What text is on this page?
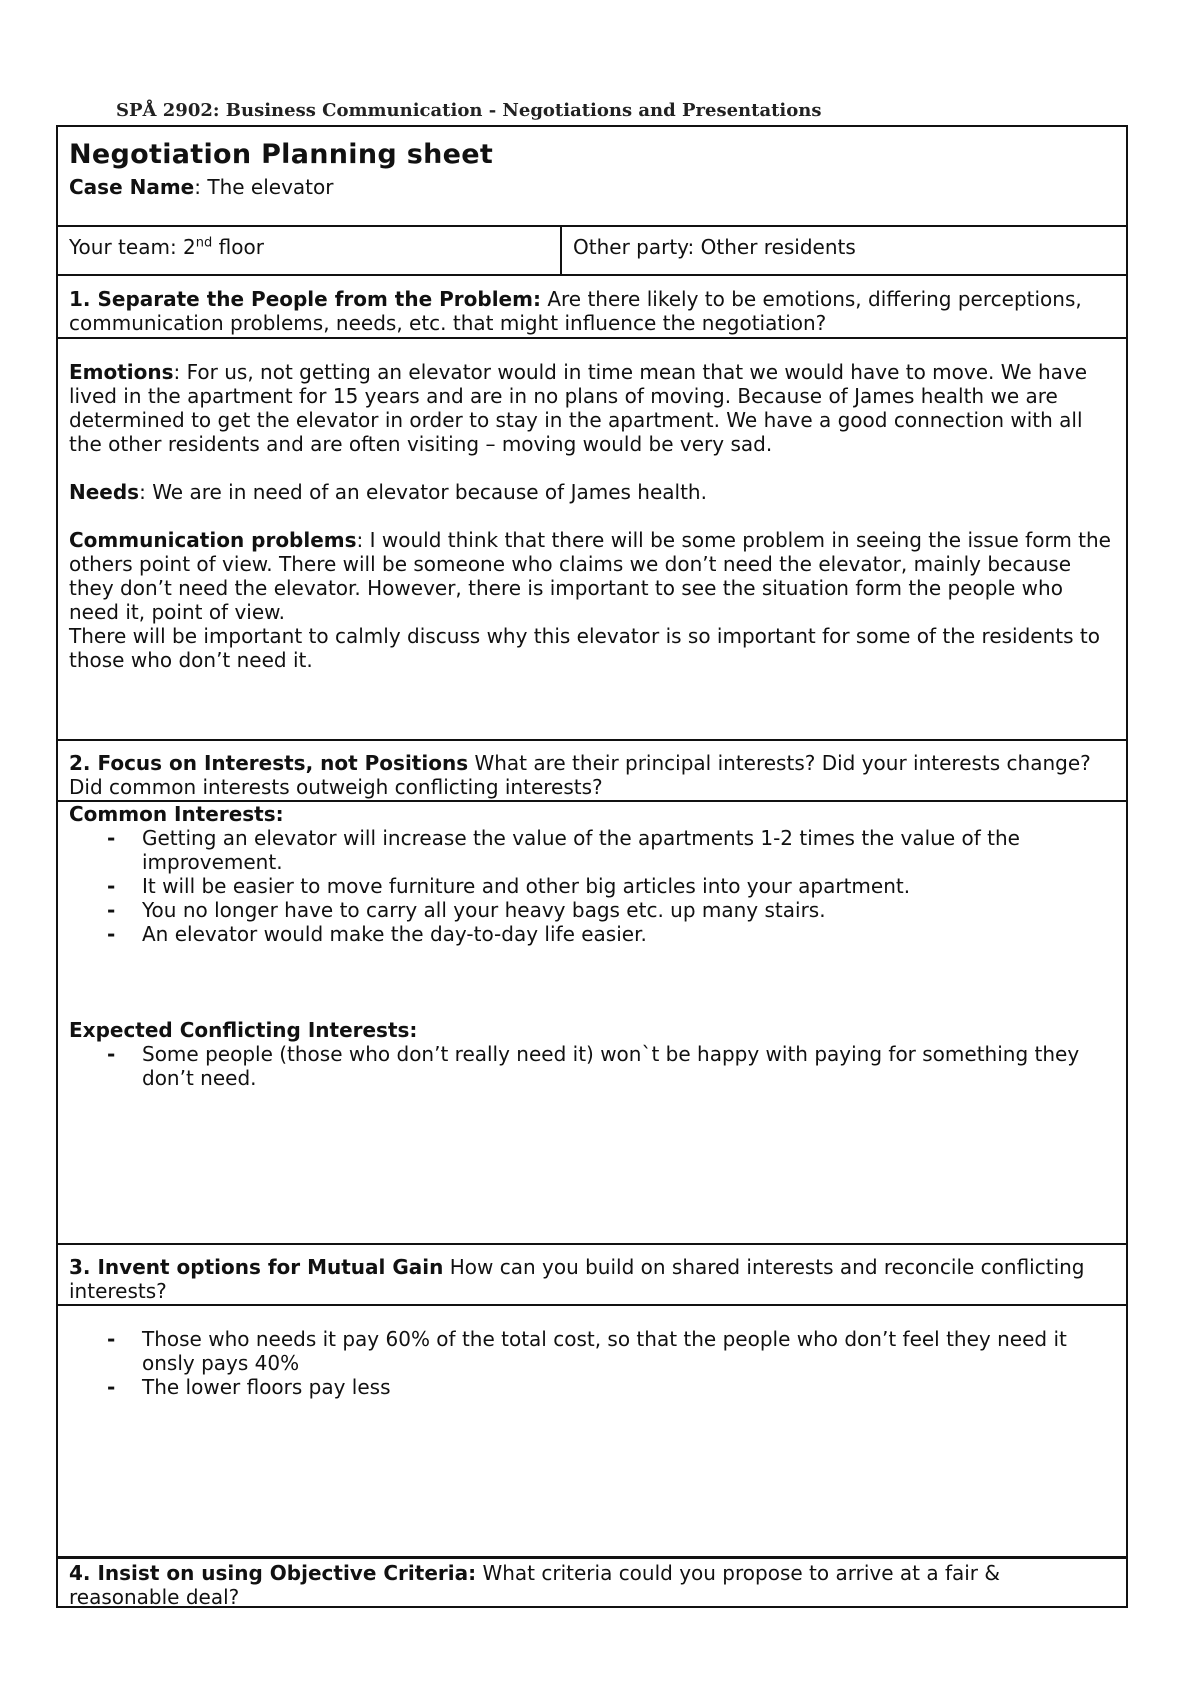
SPÅ 2902: Business Communication - Negotiations and Presentations
Negotiation Planning sheet

Case Name: The elevator

Your team: 2nd floor	Other party: Other residents
1. Separate the People from the Problem: Are there likely to be emotions, differing perceptions, communication problems, needs, etc. that might influence the negotiation?

Emotions: For us, not getting an elevator would in time mean that we would have to move. We have lived in the apartment for 15 years and are in no plans of moving. Because of James health we are determined to get the elevator in order to stay in the apartment. We have a good connection with all the other residents and are often visiting – moving would be very sad.

Needs: We are in need of an elevator because of James health.

Communication problems: I would think that there will be some problem in seeing the issue form the others point of view. There will be someone who claims we don’t need the elevator, mainly because they don’t need the elevator. However, there is important to see the situation form the people who need it, point of view.

There will be important to calmly discuss why this elevator is so important for some of the residents to those who don’t need it.

2. Focus on Interests, not Positions What are their principal interests? Did your interests change? Did common interests outweigh conflicting interests?

Common Interests:

- Getting an elevator will increase the value of the apartments 1-2 times the value of the improvement.
- It will be easier to move furniture and other big articles into your apartment.
- You no longer have to carry all your heavy bags etc. up many stairs.
- An elevator would make the day-to-day life easier.

Expected Conflicting Interests:

- Some people (those who don’t really need it) won`t be happy with paying for something they don’t need.
3. Invent options for Mutual Gain How can you build on shared interests and reconcile conflicting interests?
- Those who needs it pay 60% of the total cost, so that the people who don’t feel they need it onsly pays 40%
- The lower floors pay less
4. Insist on using Objective Criteria: What criteria could you propose to arrive at a fair & reasonable deal?
